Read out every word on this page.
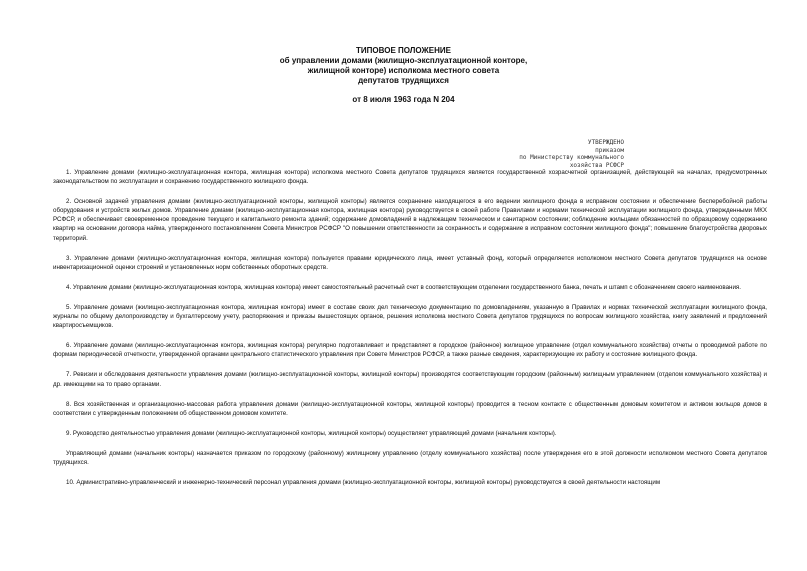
ТИПОВОЕ ПОЛОЖЕНИЕ
об управлении домами (жилищно-эксплуатационной конторе,
жилищной конторе) исполкома местного совета
депутатов трудящихся
от 8 июля 1963 года N 204
УТВЕРЖДЕНО
приказом
по Министерству коммунального
хозяйства РСФСР

1. Управление домами (жилищно-эксплуатационная контора, жилищная контора) исполкома местного Совета депутатов трудящихся является государственной хозрасчетной организацией, действующей на началах, предусмотренных законодательством по эксплуатации и сохранению государственного жилищного фонда.

2. Основной задачей управления домами (жилищно-эксплуатационной конторы, жилищной конторы) является сохранение находящегося в его ведении жилищного фонда в исправном состоянии и обеспечение бесперебойной работы оборудования и устройств жилых домов. Управление домами (жилищно-эксплуатационная контора, жилищная контора) руководствуется в своей работе Правилами и нормами технической эксплуатации жилищного фонда, утвержденными МКХ РСФСР, и обеспечивает своевременное проведение текущего и капитального ремонта зданий; содержание домовладений в надлежащем техническом и санитарном состоянии; соблюдение жильцами обязанностей по образцовому содержанию квартир на основании договора найма, утвержденного постановлением Совета Министров РСФСР "О повышении ответственности за сохранность и содержание в исправном состоянии жилищного фонда"; повышение благоустройства дворовых территорий.

3. Управление домами (жилищно-эксплуатационная контора, жилищная контора) пользуется правами юридического лица, имеет уставный фонд, который определяется исполкомом местного Совета депутатов трудящихся на основе инвентаризационной оценки строений и установленных норм собственных оборотных средств.

4. Управление домами (жилищно-эксплуатационная контора, жилищная контора) имеет самостоятельный расчетный счет в соответствующем отделении государственного банка, печать и штамп с обозначением своего наименования.

5. Управление домами (жилищно-эксплуатационная контора, жилищная контора) имеет в составе своих дел техническую документацию по домовладениям, указанную в Правилах и нормах технической эксплуатации жилищного фонда, журналы по общему делопроизводству и бухгалтерскому учету, распоряжения и приказы вышестоящих органов, решения исполкома местного Совета депутатов трудящихся по вопросам жилищного хозяйства, книгу заявлений и предложений квартиросъемщиков.

6. Управление домами (жилищно-эксплуатационная контора, жилищная контора) регулярно подготавливает и представляет в городское (районное) жилищное управление (отдел коммунального хозяйства) отчеты о проводимой работе по формам периодической отчетности, утвержденной органами центрального статистического управления при Совете Министров РСФСР, а также разные сведения, характеризующие их работу и состояние жилищного фонда.

7. Ревизии и обследования деятельности управления домами (жилищно-эксплуатационной конторы, жилищной конторы) производятся соответствующим городским (районным) жилищным управлением (отделом коммунального хозяйства) и др. имеющими на то право органами.

8. Вся хозяйственная и организационно-массовая работа управления домами (жилищно-эксплуатационной конторы, жилищной конторы) проводится в тесном контакте с общественным домовым комитетом и активом жильцов домов в соответствии с утвержденным положением об общественном домовом комитете.

9. Руководство деятельностью управления домами (жилищно-эксплуатационной конторы, жилищной конторы) осуществляет управляющий домами (начальник конторы).

Управляющий домами (начальник конторы) назначается приказом по городскому (районному) жилищному управлению (отделу коммунального хозяйства) после утверждения его в этой должности исполкомом местного Совета депутатов трудящихся.

10. Административно-управленческий и инженерно-технический персонал управления домами (жилищно-эксплуатационной конторы, жилищной конторы) руководствуется в своей деятельности настоящим
